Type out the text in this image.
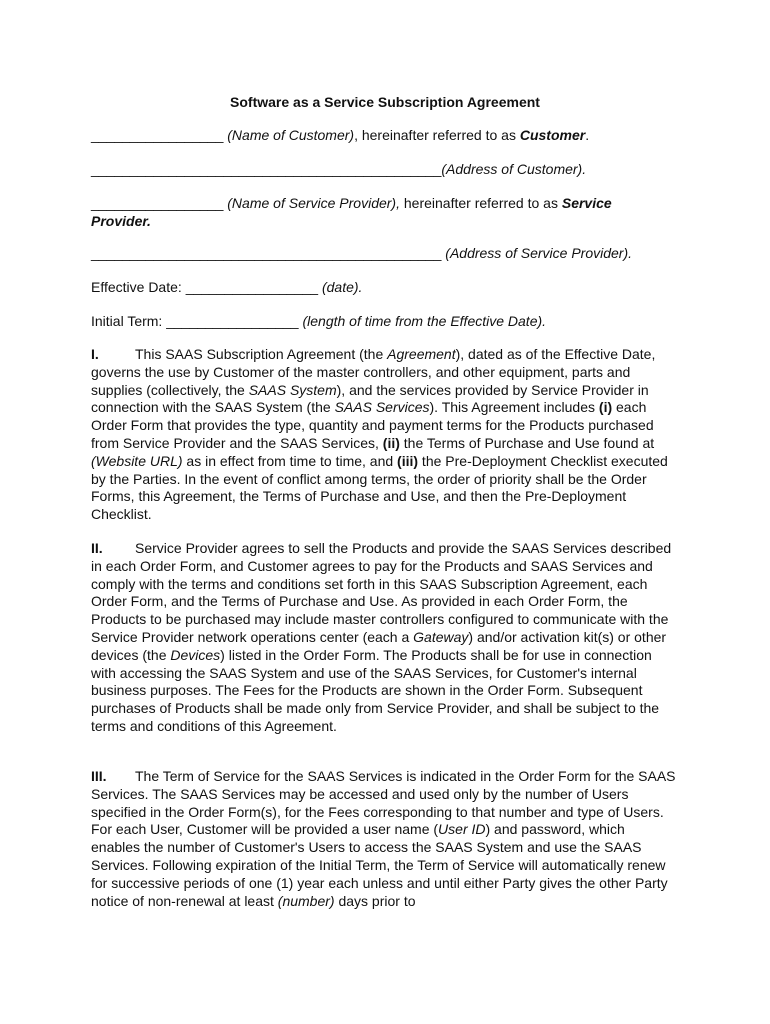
Software as a Service Subscription Agreement
_________________ (Name of Customer), hereinafter referred to as Customer.
_____________________________________________(Address of Customer).
_________________ (Name of Service Provider), hereinafter referred to as Service
Provider.
_____________________________________________ (Address of Service Provider).
Effective Date: _________________ (date).
Initial Term: _________________ (length of time from the Effective Date).
I.	This SAAS Subscription Agreement (the Agreement), dated as of the Effective Date, governs the use by Customer of the master controllers, and other equipment, parts and supplies (collectively, the SAAS System), and the services provided by Service Provider in connection with the SAAS System (the SAAS Services). This Agreement includes (i) each Order Form that provides the type, quantity and payment terms for the Products purchased from Service Provider and the SAAS Services, (ii) the Terms of Purchase and Use found at (Website URL) as in effect from time to time, and (iii) the Pre-Deployment Checklist executed by the Parties. In the event of conflict among terms, the order of priority shall be the Order Forms, this Agreement, the Terms of Purchase and Use, and then the Pre-Deployment Checklist.
II. Service Provider agrees to sell the Products and provide the SAAS Services described in each Order Form, and Customer agrees to pay for the Products and SAAS Services and comply with the terms and conditions set forth in this SAAS Subscription Agreement, each Order Form, and the Terms of Purchase and Use. As provided in each Order Form, the Products to be purchased may include master controllers configured to communicate with the Service Provider network operations center (each a Gateway) and/or activation kit(s) or other devices (the Devices) listed in the Order Form. The Products shall be for use in connection with accessing the SAAS System and use of the SAAS Services, for Customer's internal business purposes. The Fees for the Products are shown in the Order Form. Subsequent purchases of Products shall be made only from Service Provider, and shall be subject to the terms and conditions of this Agreement.
III. The Term of Service for the SAAS Services is indicated in the Order Form for the SAAS Services. The SAAS Services may be accessed and used only by the number of Users specified in the Order Form(s), for the Fees corresponding to that number and type of Users. For each User, Customer will be provided a user name (User ID) and password, which enables the number of Customer's Users to access the SAAS System and use the SAAS Services. Following expiration of the Initial Term, the Term of Service will automatically renew for successive periods of one (1) year each unless and until either Party gives the other Party notice of non-renewal at least (number) days prior to
